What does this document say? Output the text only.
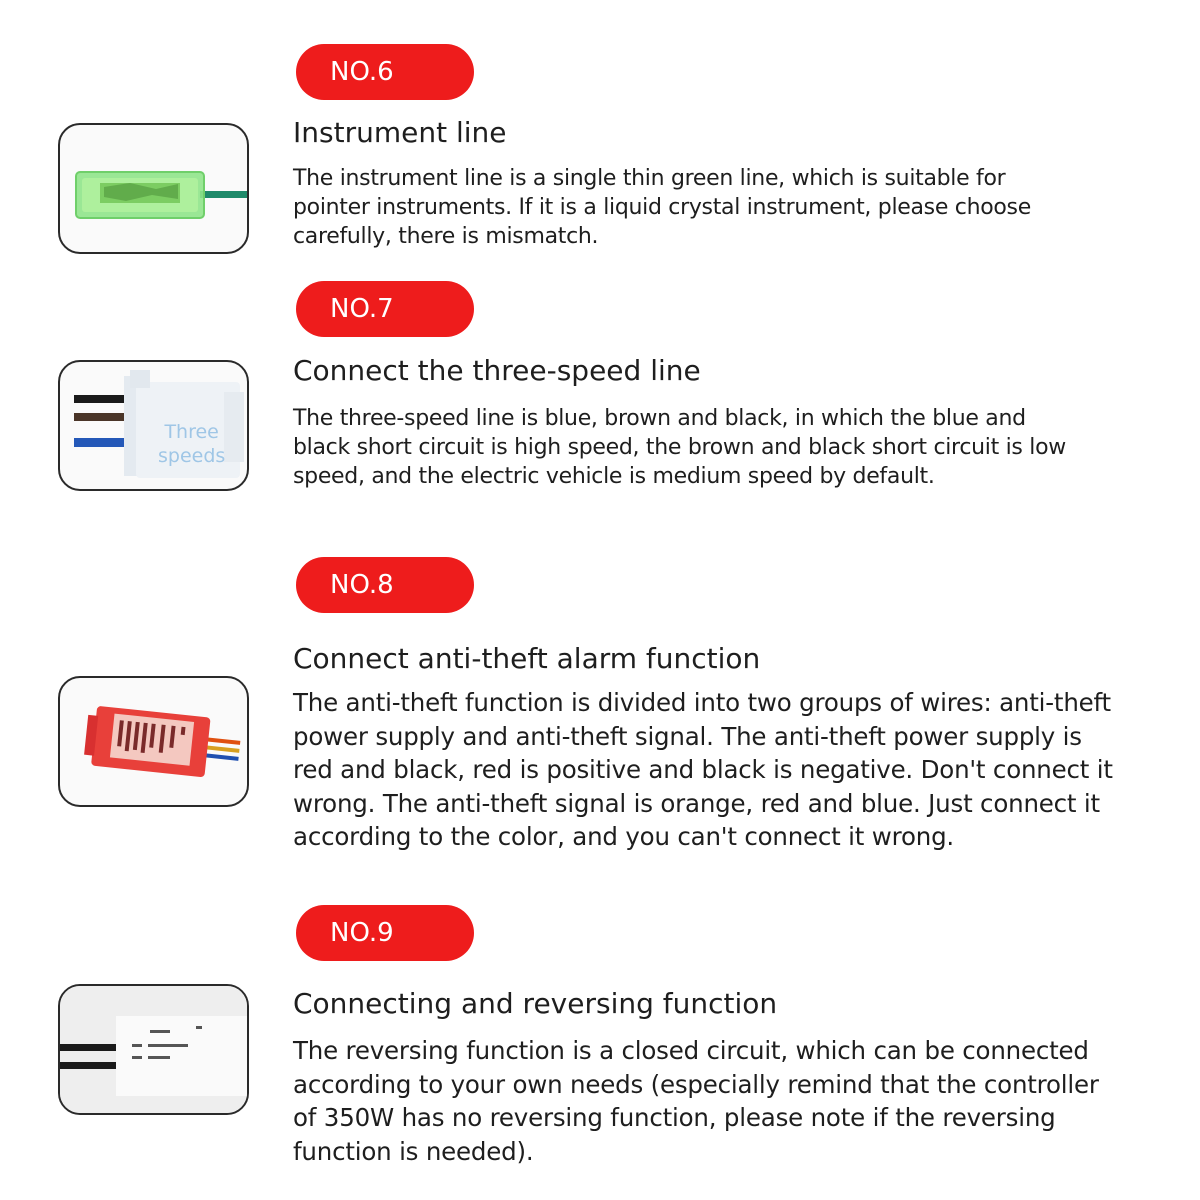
NO.6
Instrument line

The instrument line is a single thin green line, which is suitable for pointer instruments. If it is a liquid crystal instrument, please choose carefully, there is mismatch.

NO.7
Connect the three-speed line

The three-speed line is blue, brown and black, in which the blue and black short circuit is high speed, the brown and black short circuit is low speed, and the electric vehicle is medium speed by default.

Three
speeds
NO.8
Connect anti-theft alarm function

The anti-theft function is divided into two groups of wires: anti-theft power supply and anti-theft signal. The anti-theft power supply is red and black, red is positive and black is negative. Don't connect it wrong. The anti-theft signal is orange, red and blue. Just connect it according to the color, and you can't connect it wrong.

NO.9
Connecting and reversing function

The reversing function is a closed circuit, which can be connected according to your own needs (especially remind that the controller of 350W has no reversing function, please note if the reversing function is needed).
